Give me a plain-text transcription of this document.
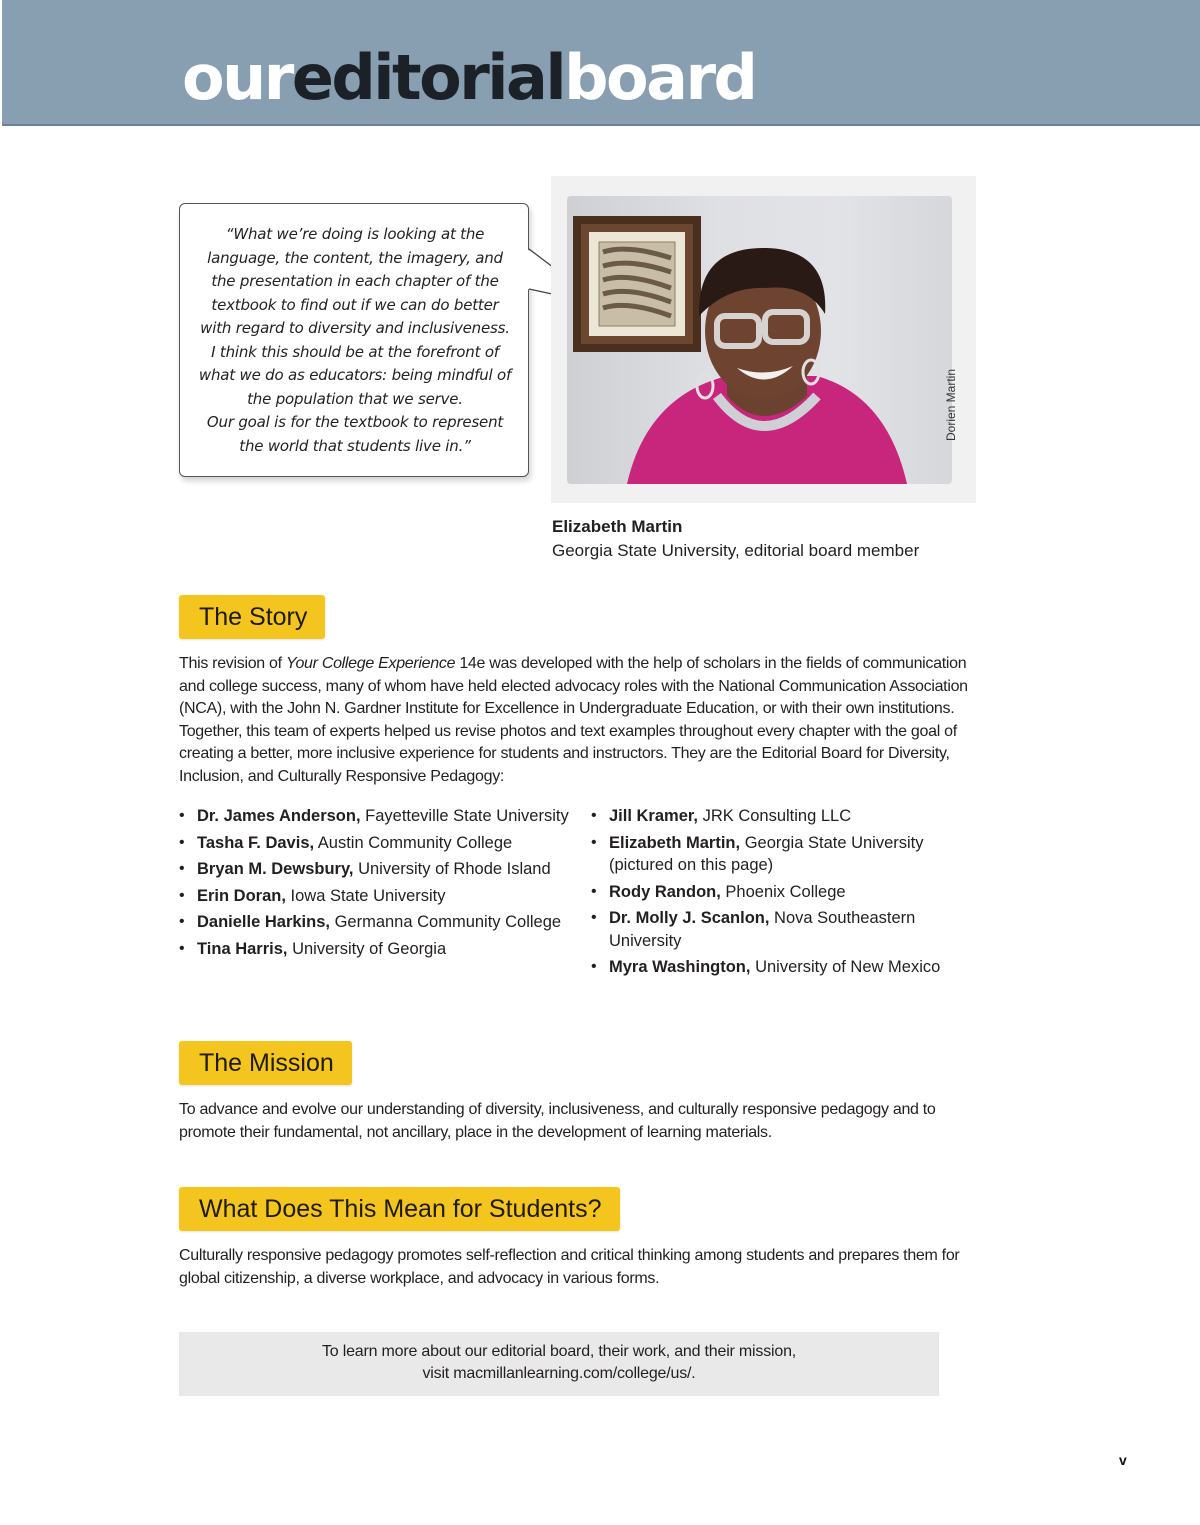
oureditorialboard

“What we’re doing is looking at the
language, the content, the imagery, and
the presentation in each chapter of the
textbook to find out if we can do better
with regard to diversity and inclusiveness.
I think this should be at the forefront of
what we do as educators: being mindful of
the population that we serve.
Our goal is for the textbook to represent
the world that students live in.”

Dorien Martin
Elizabeth Martin
Georgia State University, editorial board member
The Story

This revision of Your College Experience 14e was developed with the help of scholars in the fields of communication and college success, many of whom have held elected advocacy roles with the National Communication Association (NCA), with the John N. Gardner Institute for Excellence in Undergraduate Education, or with their own institutions. Together, this team of experts helped us revise photos and text examples throughout every chapter with the goal of creating a better, more inclusive experience for students and instructors. They are the Editorial Board for Diversity, Inclusion, and Culturally Responsive Pedagogy:

• Dr. James Anderson, Fayetteville State University
• Tasha F. Davis, Austin Community College
• Bryan M. Dewsbury, University of Rhode Island
• Erin Doran, Iowa State University
• Danielle Harkins, Germanna Community College
• Tina Harris, University of Georgia
• Jill Kramer, JRK Consulting LLC
• Elizabeth Martin, Georgia State University (pictured on this page)
• Rody Randon, Phoenix College
• Dr. Molly J. Scanlon, Nova Southeastern University
• Myra Washington, University of New Mexico
The Mission

To advance and evolve our understanding of diversity, inclusiveness, and culturally responsive pedagogy and to promote their fundamental, not ancillary, place in the development of learning materials.

What Does This Mean for Students?

Culturally responsive pedagogy promotes self-reflection and critical thinking among students and prepares them for global citizenship, a diverse workplace, and advocacy in various forms.

To learn more about our editorial board, their work, and their mission,
visit macmillanlearning.com/college/us/.
v
